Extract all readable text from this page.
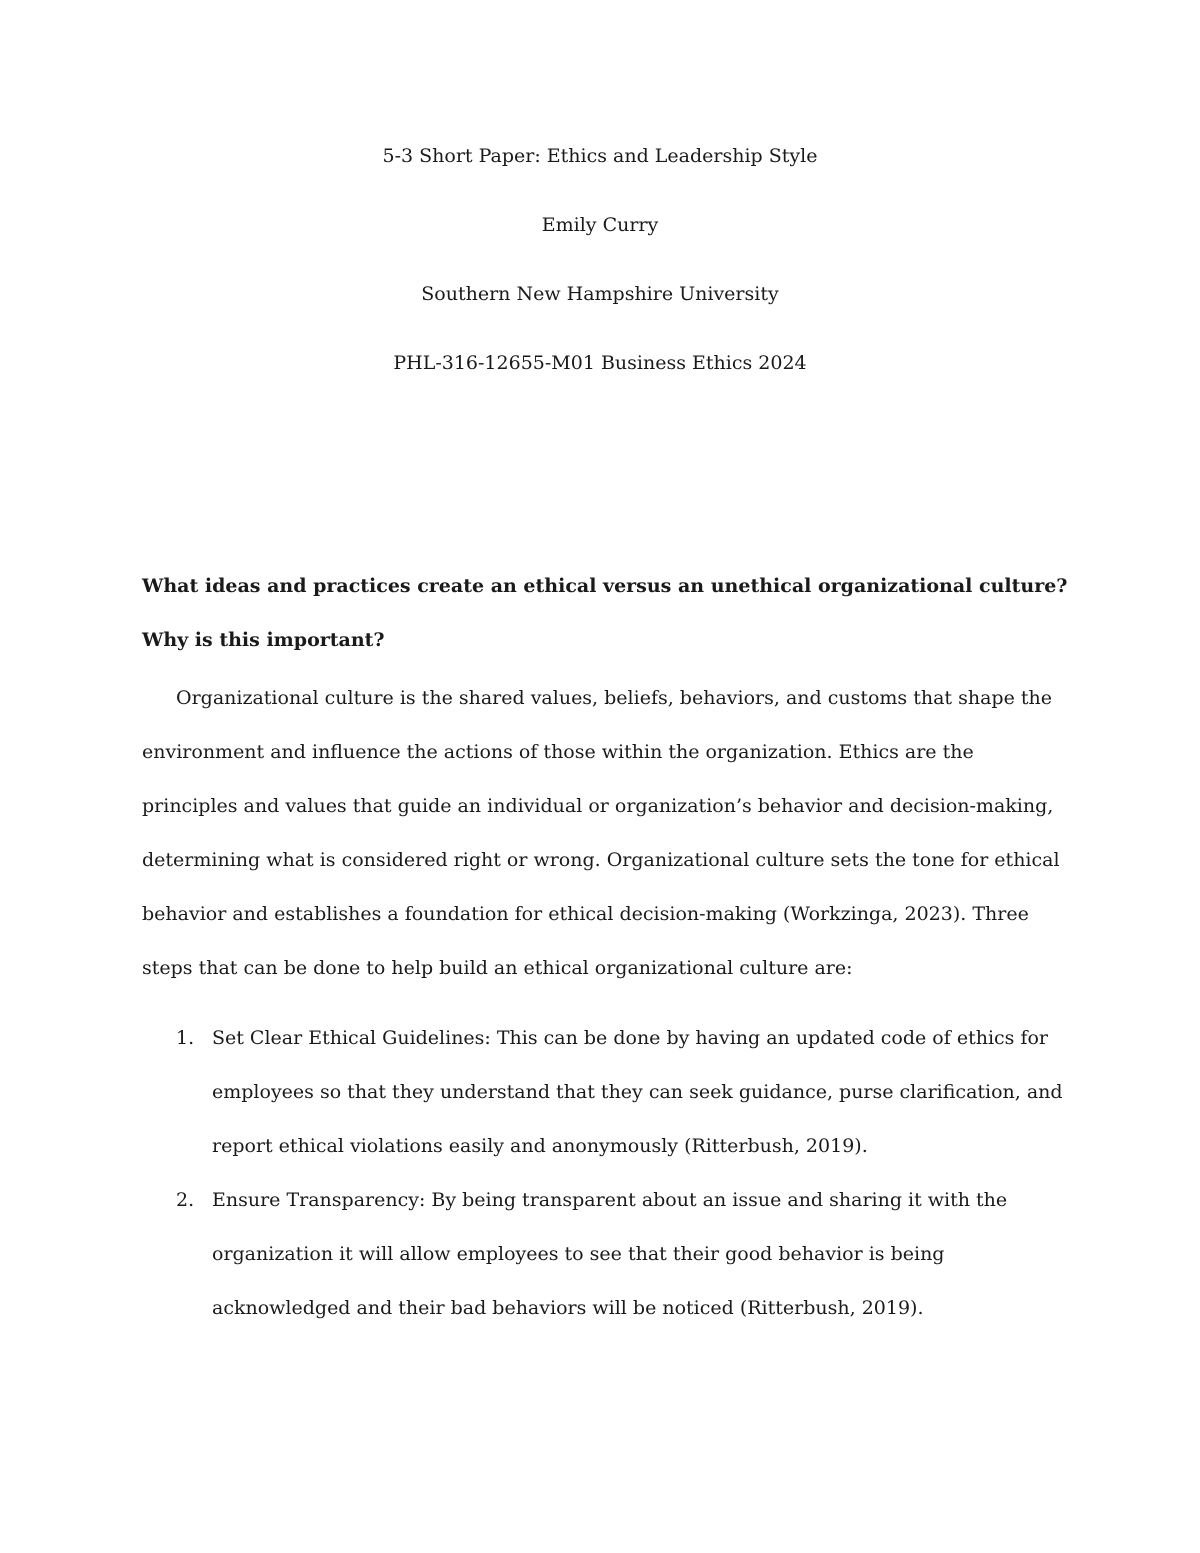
5-3 Short Paper: Ethics and Leadership Style

Emily Curry

Southern New Hampshire University

PHL-316-12655-M01 Business Ethics 2024

What ideas and practices create an ethical versus an unethical organizational culture? Why is this important?

Organizational culture is the shared values, beliefs, behaviors, and customs that shape the environment and influence the actions of those within the organization. Ethics are the principles and values that guide an individual or organization’s behavior and decision-making, determining what is considered right or wrong. Organizational culture sets the tone for ethical behavior and establishes a foundation for ethical decision-making (Workzinga, 2023). Three steps that can be done to help build an ethical organizational culture are:

1. Set Clear Ethical Guidelines: This can be done by having an updated code of ethics for employees so that they understand that they can seek guidance, purse clarification, and report ethical violations easily and anonymously (Ritterbush, 2019).
2. Ensure Transparency: By being transparent about an issue and sharing it with the organization it will allow employees to see that their good behavior is being acknowledged and their bad behaviors will be noticed (Ritterbush, 2019).
